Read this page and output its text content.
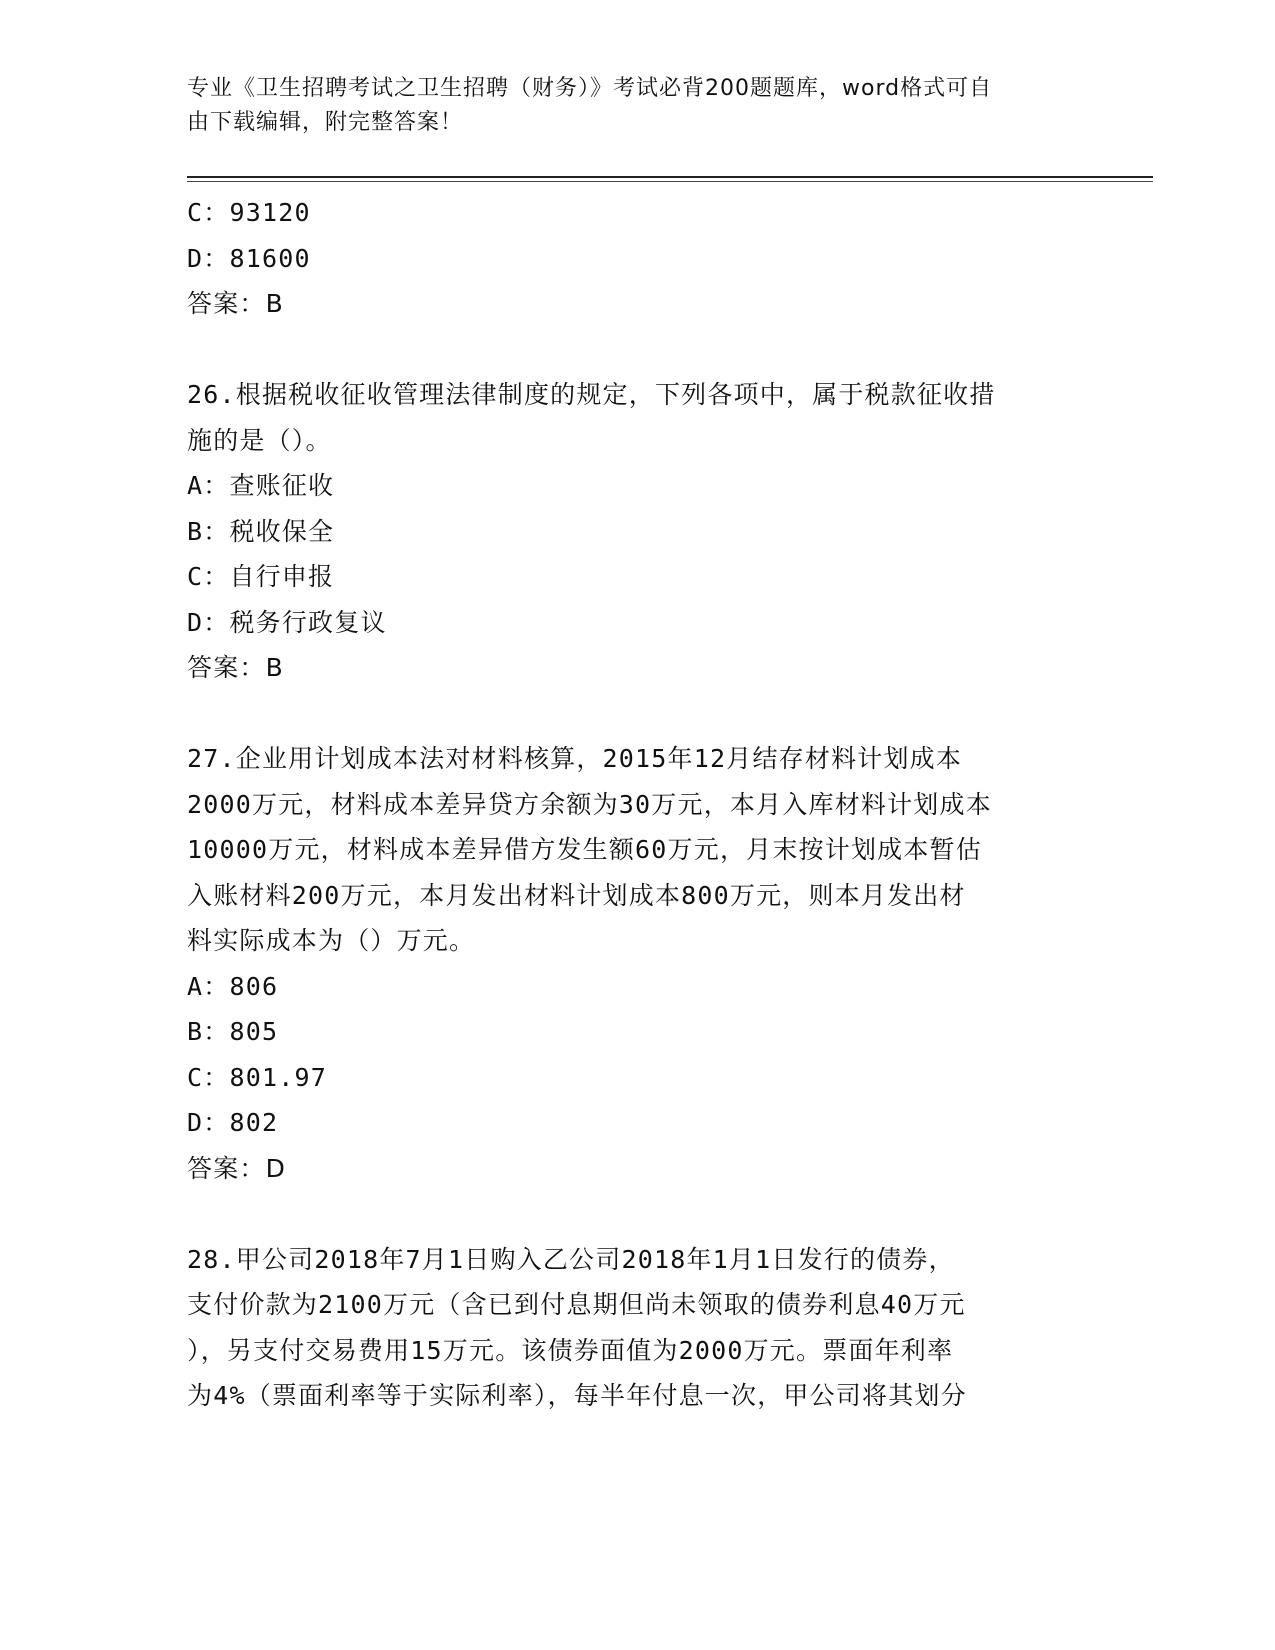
专业《卫生招聘考试之卫生招聘（财务）》考试必背200题题库，word格式可自
由下载编辑，附完整答案！
C：93120
D：81600
答案：B
26.根据税收征收管理法律制度的规定，下列各项中，属于税款征收措
施的是（）。
A：查账征收
B：税收保全
C：自行申报
D：税务行政复议
答案：B
27.企业用计划成本法对材料核算，2015年12月结存材料计划成本
2000万元，材料成本差异贷方余额为30万元，本月入库材料计划成本
10000万元，材料成本差异借方发生额60万元，月末按计划成本暂估
入账材料200万元，本月发出材料计划成本800万元，则本月发出材
料实际成本为（）万元。
A：806
B：805
C：801.97
D：802
答案：D
28.甲公司2018年7月1日购入乙公司2018年1月1日发行的债券，
支付价款为2100万元（含已到付息期但尚未领取的债券利息40万元
），另支付交易费用15万元。该债券面值为2000万元。票面年利率
为4%（票面利率等于实际利率），每半年付息一次，甲公司将其划分
